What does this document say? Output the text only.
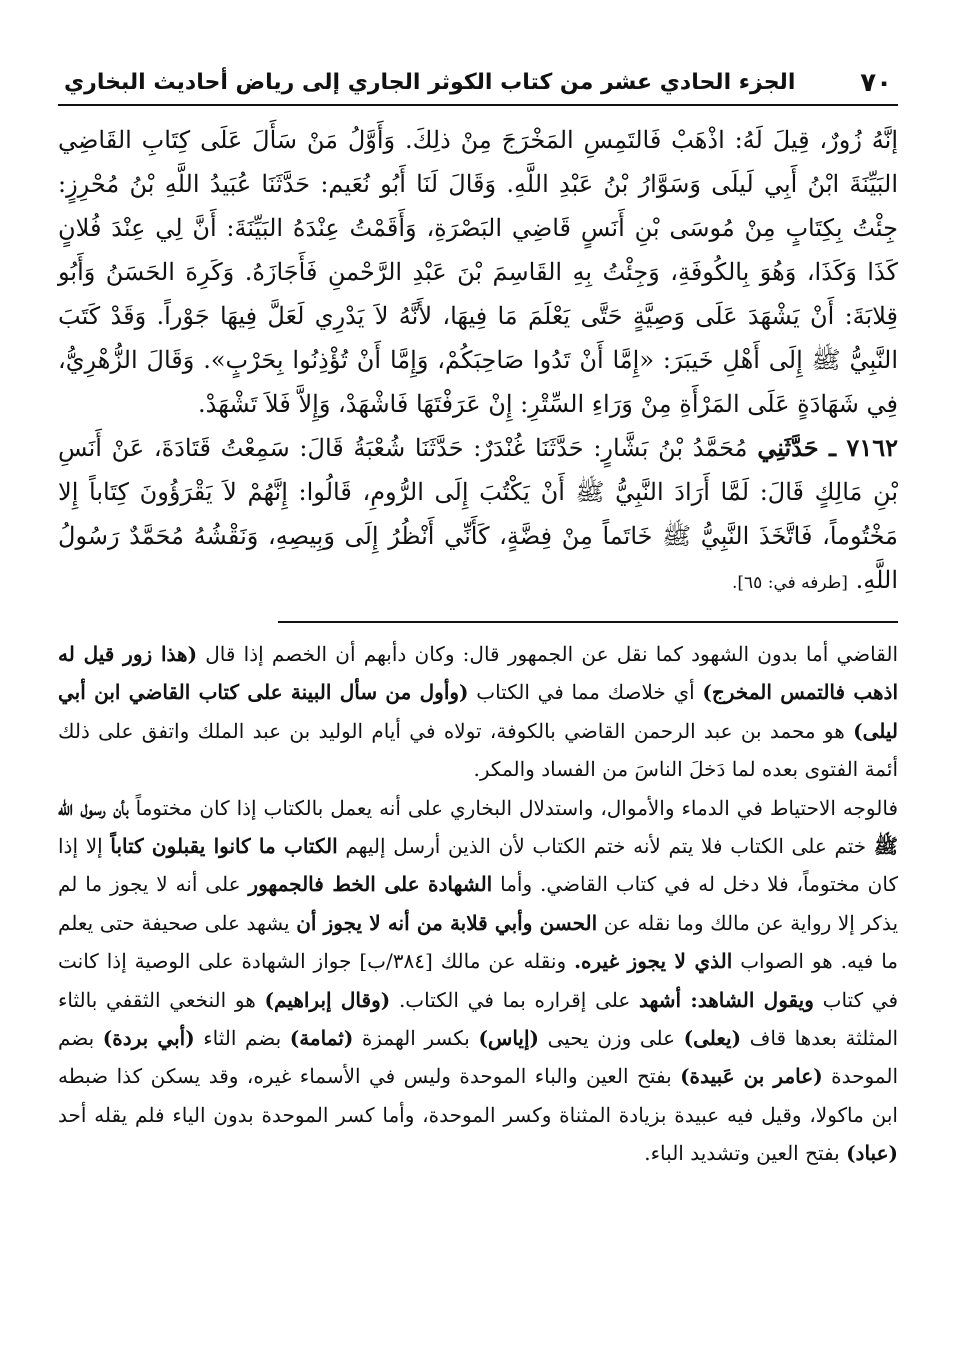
٧٠
الجزء الحادي عشر من كتاب الكوثر الجاري إلى رياض أحاديث البخاري

إنَّهُ زُورٌ، قِيلَ لَهُ: اذْهَبْ فَالتَمِسِ المَخْرَجَ مِنْ ذلِكَ. وَأَوَّلُ مَنْ سَأَلَ عَلَى كِتَابِ القَاضِي البَيِّنَةَ ابْنُ أَبِي لَيلَى وَسَوَّارُ بْنُ عَبْدِ اللَّهِ. وَقَالَ لَنَا أَبُو نُعَيم: حَدَّثَنَا عُبَيدُ اللَّهِ بْنُ مُحْرِزٍ: جِئْتُ بِكِتَابٍ مِنْ مُوسَى بْنِ أَنَسٍ قَاضِي البَصْرَةِ، وَأَقَمْتُ عِنْدَهُ البَيِّنَةَ: أَنَّ لِي عِنْدَ فُلانٍ كَذَا وَكَذَا، وَهُوَ بِالكُوفَةِ، وَجِئْتُ بِهِ القَاسِمَ بْنَ عَبْدِ الرَّحْمنِ فَأَجَازَهُ. وَكَرِهَ الحَسَنُ وَأَبُو قِلابَةَ: أَنْ يَشْهَدَ عَلَى وَصِيَّةٍ حَتَّى يَعْلَمَ مَا فِيهَا، لأَنَّهُ لاَ يَدْرِي لَعَلَّ فِيهَا جَوْراً. وَقَدْ كَتَبَ النَّبِيُّ ﷺ إِلَى أَهْلِ خَيبَرَ: «إِمَّا أَنْ تَدُوا صَاحِبَكُمْ، وَإِمَّا أَنْ تُؤْذِنُوا بِحَرْبٍ». وَقَالَ الزُّهْرِيُّ، فِي شَهَادَةٍ عَلَى المَرْأَةِ مِنْ وَرَاءِ السِّتْرِ: إِنْ عَرَفْتَهَا فَاشْهَدْ، وَإِلاَّ فَلاَ تَشْهَدْ.

٧١٦٢ ـ حَدَّثَنِي مُحَمَّدُ بْنُ بَشَّارٍ: حَدَّثَنَا غُنْدَرٌ: حَدَّثَنَا شُعْبَةُ قَالَ: سَمِعْتُ قَتَادَةَ، عَنْ أَنَسِ بْنِ مَالِكٍ قَالَ: لَمَّا أَرَادَ النَّبِيُّ ﷺ أَنْ يَكْتُبَ إِلَى الرُّومِ، قَالُوا: إِنَّهُمْ لاَ يَقْرَؤُونَ كِتَاباً إِلا مَخْتُوماً، فَاتَّخَذَ النَّبِيُّ ﷺ خَاتَماً مِنْ فِضَّةٍ، كَأَنِّي أَنْظُرُ إِلَى وَبِيصِهِ، وَنَقْشُهُ مُحَمَّدٌ رَسُولُ اللَّهِ. [طرفه في: ٦٥].

القاضي أما بدون الشهود كما نقل عن الجمهور قال: وكان دأبهم أن الخصم إذا قال (هذا زور قيل له اذهب فالتمس المخرج) أي خلاصك مما في الكتاب (وأول من سأل البينة على كتاب القاضي ابن أبي ليلى) هو محمد بن عبد الرحمن القاضي بالكوفة، تولاه في أيام الوليد بن عبد الملك واتفق على ذلك أئمة الفتوى بعده لما دَخلَ الناسَ من الفساد والمكر.

فالوجه الاحتياط في الدماء والأموال، واستدلال البخاري على أنه يعمل بالكتاب إذا كان مختوماً بأن رسول الله ﷺ ختم على الكتاب فلا يتم لأنه ختم الكتاب لأن الذين أرسل إليهم الكتاب ما كانوا يقبلون كتاباً إلا إذا كان مختوماً، فلا دخل له في كتاب القاضي. وأما الشهادة على الخط فالجمهور على أنه لا يجوز ما لم يذكر إلا رواية عن مالك وما نقله عن الحسن وأبي قلابة من أنه لا يجوز أن يشهد على صحيفة حتى يعلم ما فيه. هو الصواب الذي لا يجوز غيره. ونقله عن مالك [٣٨٤/ب] جواز الشهادة على الوصية إذا كانت في كتاب ويقول الشاهد: أشهد على إقراره بما في الكتاب. (وقال إبراهيم) هو النخعي الثقفي بالثاء المثلثة بعدها قاف (يعلى) على وزن يحيى (إياس) بكسر الهمزة (ثمامة) بضم الثاء (أبي بردة) بضم الموحدة (عامر بن عَبيدة) بفتح العين والباء الموحدة وليس في الأسماء غيره، وقد يسكن كذا ضبطه ابن ماكولا، وقيل فيه عبيدة بزيادة المثناة وكسر الموحدة، وأما كسر الموحدة بدون الياء فلم يقله أحد (عباد) بفتح العين وتشديد الباء.
